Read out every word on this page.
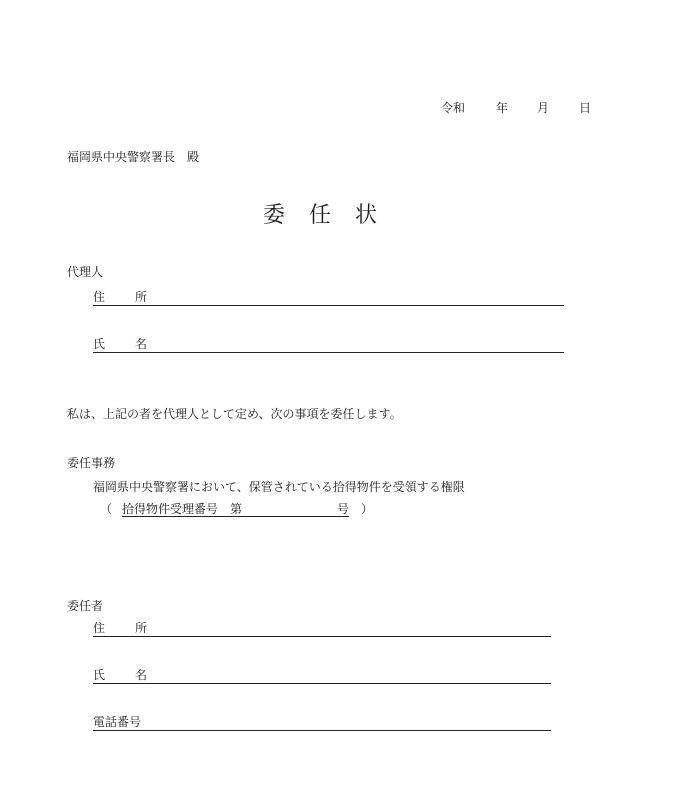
令和	年 月 日
福岡県中央警察署長　殿
委 任 状
代理人
住 所
氏 名
私は、上記の者を代理人として定め、次の事項を委任します。
委任事務
福岡県中央警察署において、保管されている拾得物件を受領する権限
（ 拾得物件受理番号　第	号 ）
委任者
住 所
氏 名
電話番号
